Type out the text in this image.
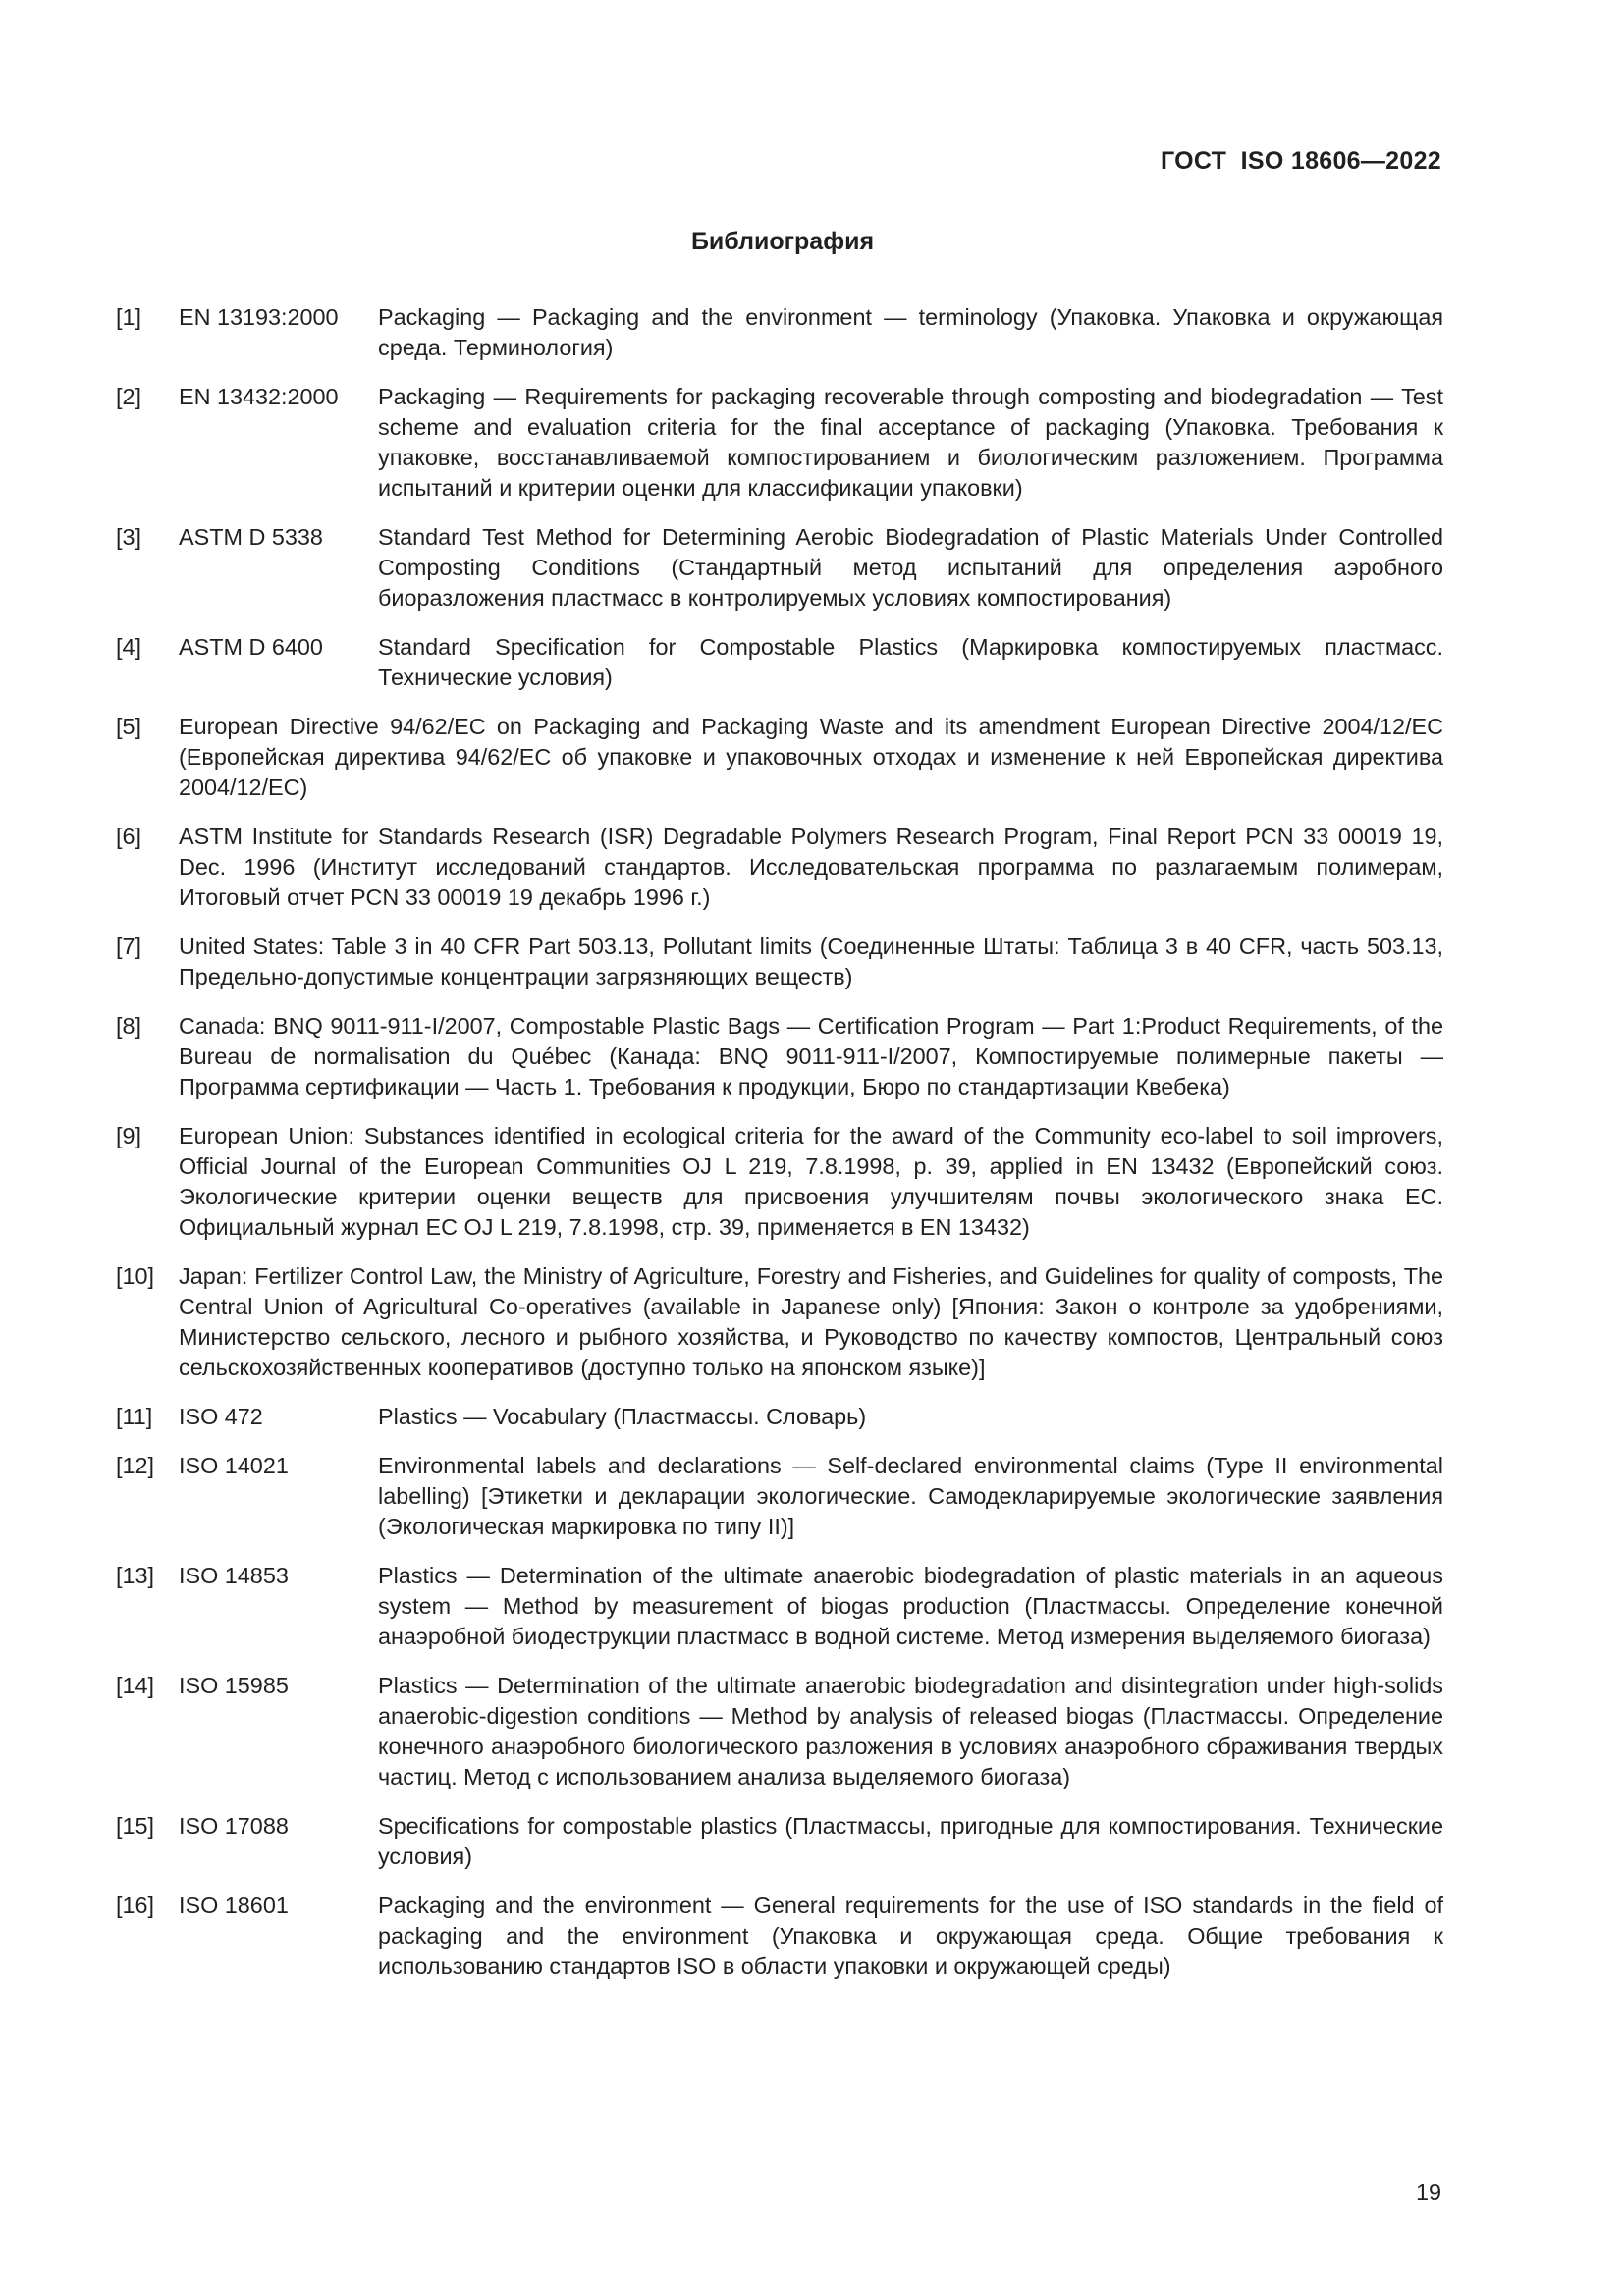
ГОСТ  ISO 18606—2022
Библиография
[1]	EN 13193:2000	Packaging — Packaging and the environment — terminology (Упаковка. Упаковка и окружающая среда. Терминология)
[2]	EN 13432:2000	Packaging — Requirements for packaging recoverable through composting and biodegradation — Test scheme and evaluation criteria for the final acceptance of packaging (Упаковка. Требования к упаковке, восстанавливаемой компостированием и биологическим разложением. Программа испытаний и критерии оценки для классификации упаковки)
[3]	ASTM D 5338	Standard Test Method for Determining Aerobic Biodegradation of Plastic Materials Under Controlled Composting Conditions (Стандартный метод испытаний для определения аэробного биоразложения пластмасс в контролируемых условиях компостирования)
[4]	ASTM D 6400	Standard Specification for Compostable Plastics (Маркировка компостируемых пластмасс. Технические условия)
[5]	European Directive 94/62/EC on Packaging and Packaging Waste and its amendment European Directive 2004/12/EC (Европейская директива 94/62/EC об упаковке и упаковочных отходах и изменение к ней Европейская директива 2004/12/EC)
[6]	ASTM Institute for Standards Research (ISR) Degradable Polymers Research Program, Final Report PCN 33 00019 19, Dec. 1996 (Институт исследований стандартов. Исследовательская программа по разлагаемым полимерам, Итоговый отчет PCN 33 00019 19 декабрь 1996 г.)
[7]	United States: Table 3 in 40 CFR Part 503.13, Pollutant limits (Соединенные Штаты: Таблица 3 в 40 CFR, часть 503.13, Предельно-допустимые концентрации загрязняющих веществ)
[8]	Canada: BNQ 9011-911-I/2007, Compostable Plastic Bags — Certification Program — Part 1:Product Requirements, of the Bureau de normalisation du Québec (Канада: BNQ 9011-911-I/2007, Компостируемые полимерные пакеты — Программа сертификации — Часть 1. Требования к продукции, Бюро по стандартизации Квебека)
[9]	European Union: Substances identified in ecological criteria for the award of the Community eco-label to soil improvers, Official Journal of the European Communities OJ L 219, 7.8.1998, p. 39, applied in EN 13432 (Европейский союз. Экологические критерии оценки веществ для присвоения улучшителям почвы экологического знака ЕС. Официальный журнал ЕС OJ L 219, 7.8.1998, стр. 39, применяется в EN 13432)
[10]	Japan: Fertilizer Control Law, the Ministry of Agriculture, Forestry and Fisheries, and Guidelines for quality of composts, The Central Union of Agricultural Co-operatives (available in Japanese only) [Япония: Закон о контроле за удобрениями, Министерство сельского, лесного и рыбного хозяйства, и Руководство по качеству компостов, Центральный союз сельскохозяйственных кооперативов (доступно только на японском языке)]
[11]	ISO 472	Plastics — Vocabulary (Пластмассы. Словарь)
[12]	ISO 14021	Environmental labels and declarations — Self-declared environmental claims (Type II environmental labelling) [Этикетки и декларации экологические. Самодекларируемые экологические заявления (Экологическая маркировка по типу II)]
[13]	ISO 14853	Plastics — Determination of the ultimate anaerobic biodegradation of plastic materials in an aqueous system — Method by measurement of biogas production (Пластмассы. Определение конечной анаэробной биодеструкции пластмасс в водной системе. Метод измерения выделяемого биогаза)
[14]	ISO 15985	Plastics — Determination of the ultimate anaerobic biodegradation and disintegration under high-solids anaerobic-digestion conditions — Method by analysis of released biogas (Пластмассы. Определение конечного анаэробного биологического разложения в условиях анаэробного сбраживания твердых частиц. Метод с использованием анализа выделяемого биогаза)
[15]	ISO 17088	Specifications for compostable plastics (Пластмассы, пригодные для компостирования. Технические условия)
[16]	ISO 18601	Packaging and the environment — General requirements for the use of ISO standards in the field of packaging and the environment (Упаковка и окружающая среда. Общие требования к использованию стандартов ISO в области упаковки и окружающей среды)
19
